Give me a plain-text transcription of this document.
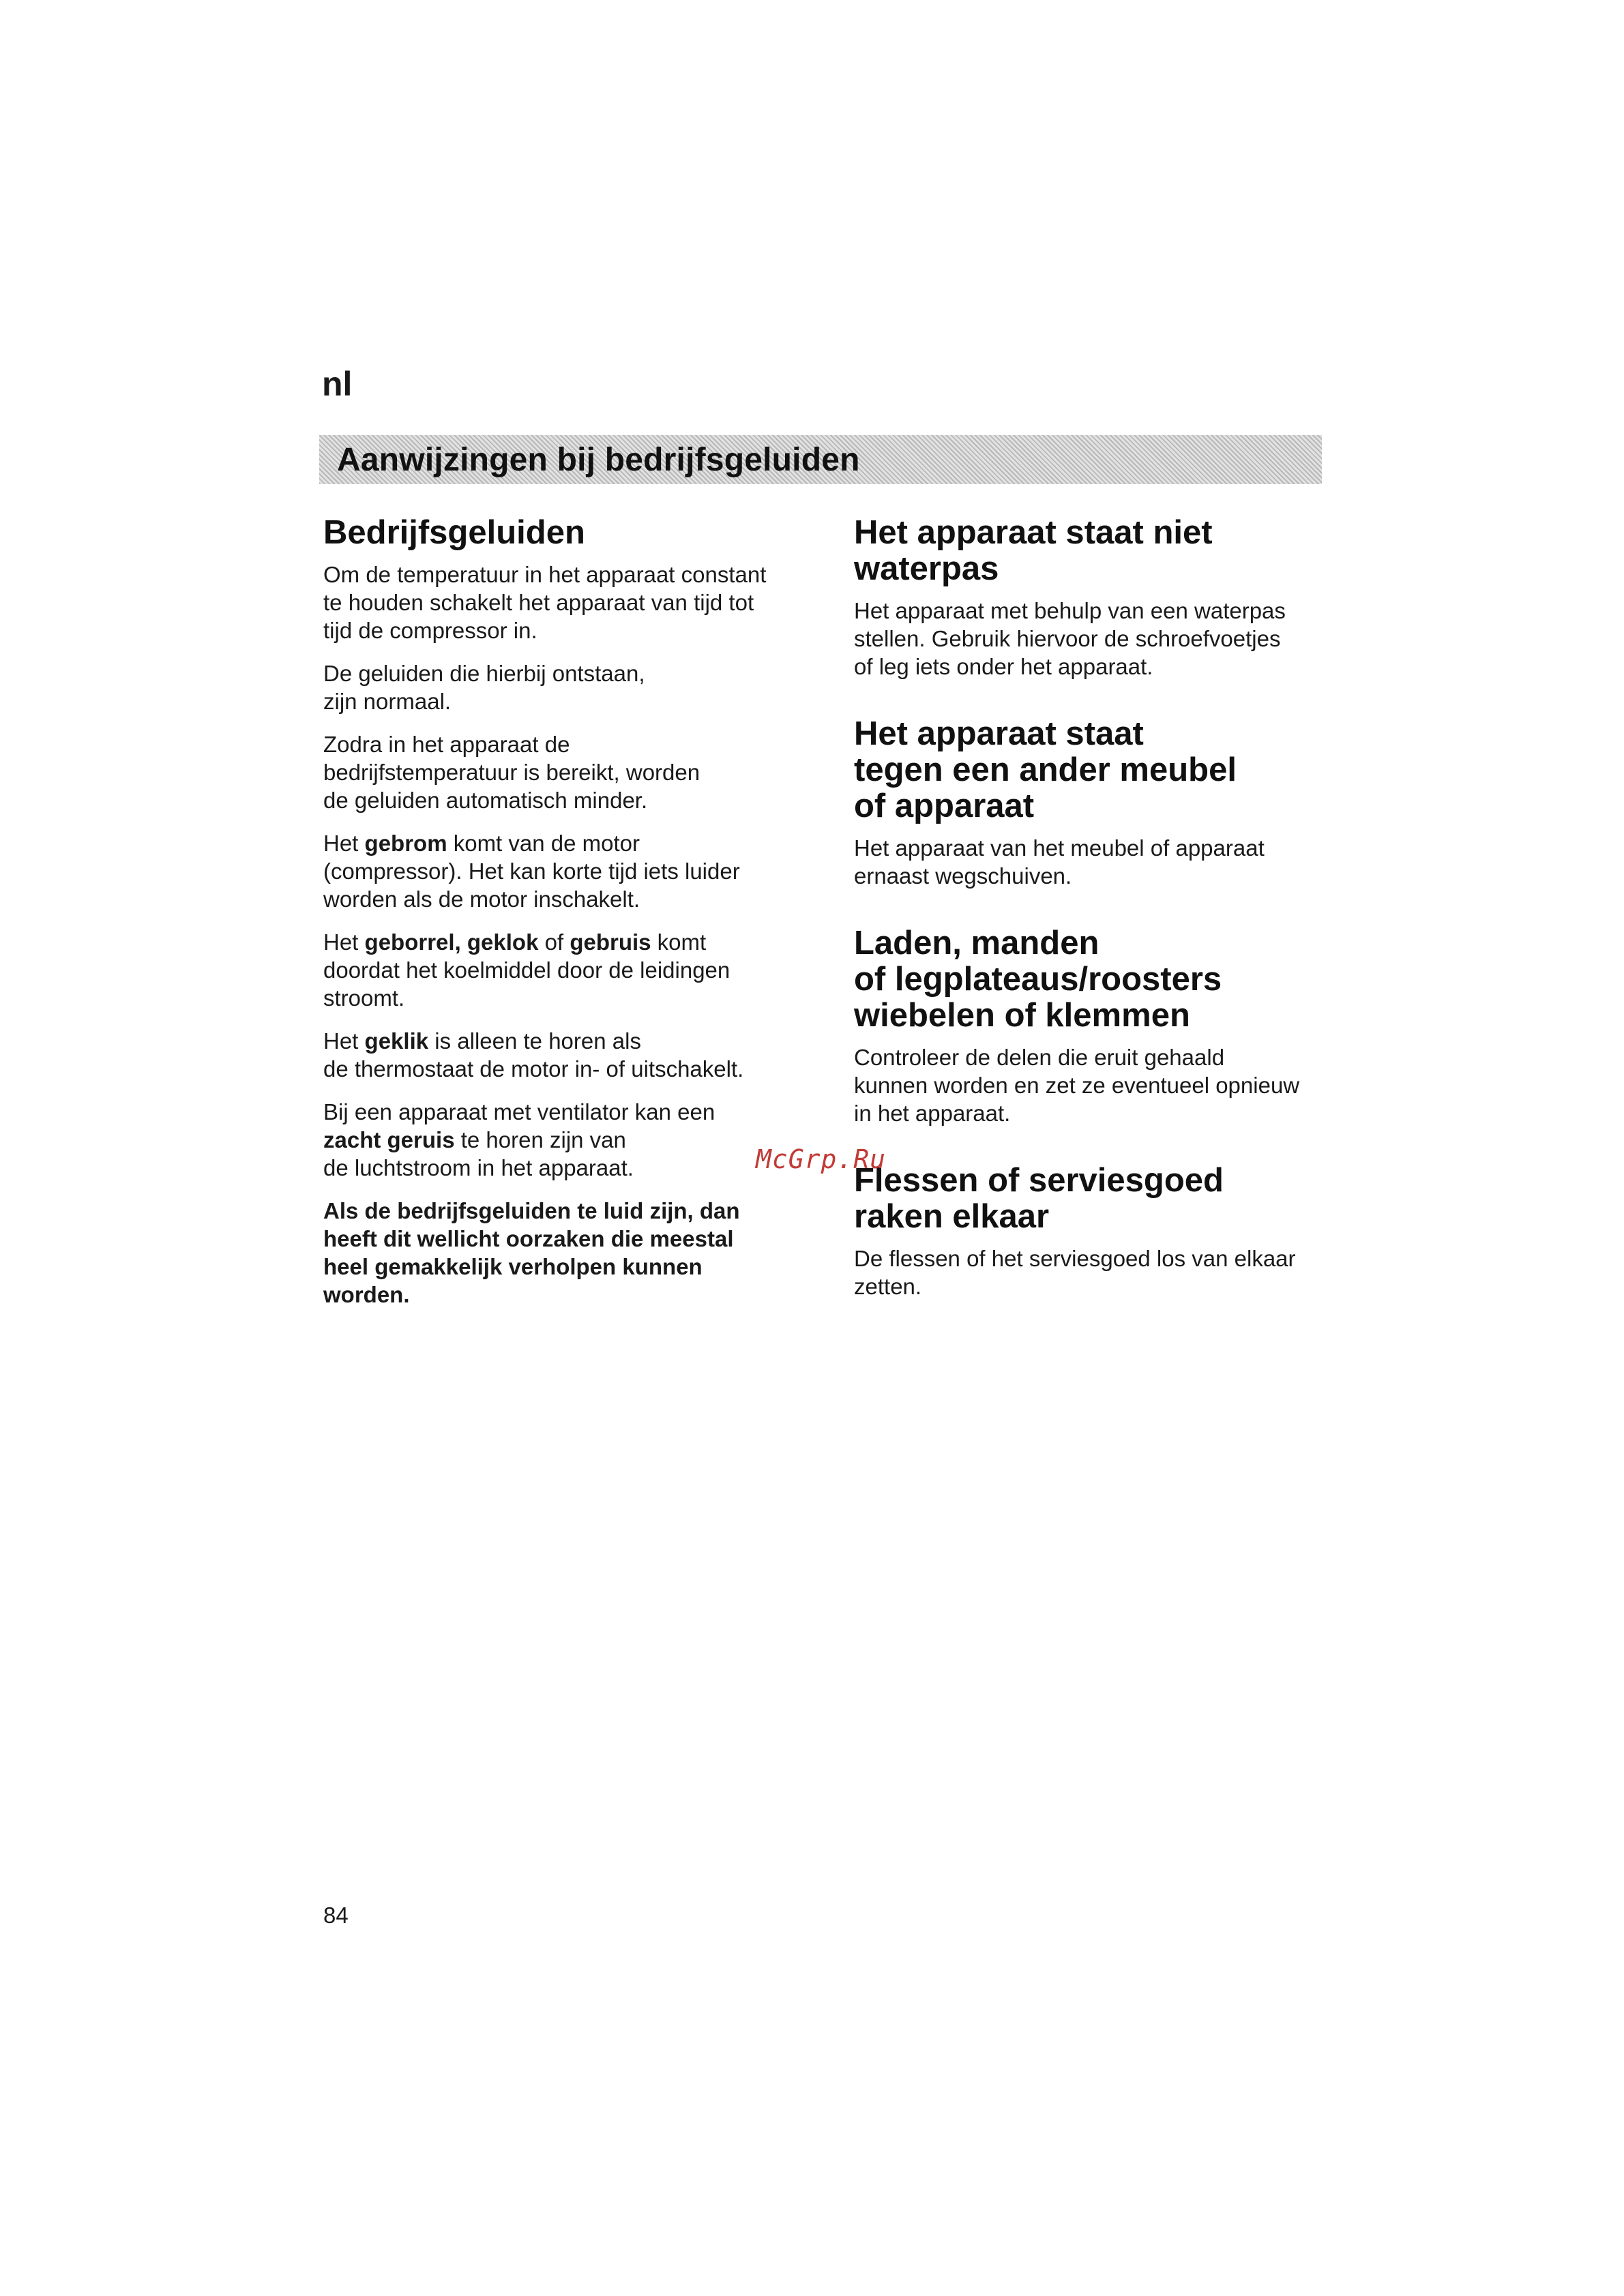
nl
Aanwijzingen bij bedrijfsgeluiden
Bedrijfsgeluiden

Om de temperatuur in het apparaat constant
te houden schakelt het apparaat van tijd tot
tijd de compressor in.

De geluiden die hierbij ontstaan,
zijn normaal.

Zodra in het apparaat de
bedrijfstemperatuur is bereikt, worden
de geluiden automatisch minder.

Het gebrom komt van de motor
(compressor). Het kan korte tijd iets luider
worden als de motor inschakelt.

Het geborrel, geklok of gebruis komt
doordat het koelmiddel door de leidingen
stroomt.

Het geklik is alleen te horen als
de thermostaat de motor in- of uitschakelt.

Bij een apparaat met ventilator kan een
zacht geruis te horen zijn van
de luchtstroom in het apparaat.

Als de bedrijfsgeluiden te luid zijn, dan
heeft dit wellicht oorzaken die meestal
heel gemakkelijk verholpen kunnen
worden.

Het apparaat staat niet
waterpas

Het apparaat met behulp van een waterpas
stellen. Gebruik hiervoor de schroefvoetjes
of leg iets onder het apparaat.

Het apparaat staat
tegen een ander meubel
of apparaat

Het apparaat van het meubel of apparaat
ernaast wegschuiven.

Laden, manden
of legplateaus/roosters
wiebelen of klemmen

Controleer de delen die eruit gehaald
kunnen worden en zet ze eventueel opnieuw
in het apparaat.

Flessen of serviesgoed
raken elkaar

De flessen of het serviesgoed los van elkaar
zetten.

McGrp.Ru
84
